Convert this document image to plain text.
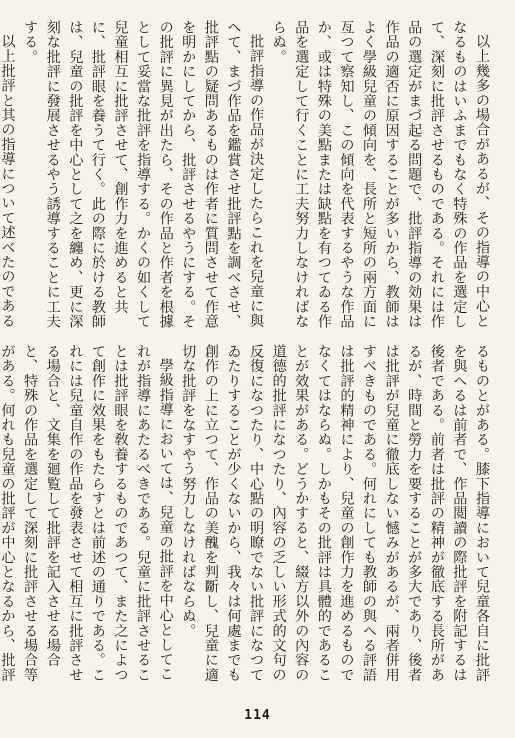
以上幾多の場合があるが、その指導の中心となるものはいふまでもなく特殊の作品を選定して、深刻に批評させるものである。それには作品の選定がまづ起る問題で、批評指導の効果は作品の適否に原因することが多いから、教師はよく學級兒童の傾向を、長所と短所の兩方面に亙つて察知し、この傾向を代表するやうな作品か、或は特殊の美點または缺點を有つてゐる作品を選定して行くことに工夫努力しなければならぬ。

批評指導の作品が決定したらこれを兒童に與へて、まづ作品を鑑賞させ批評點を調べさせ、批評點の疑問あるものは作者に質問させて作意を明かにしてから、批評させるやうにする。その批評に異見が出たら、その作品と作者を根據として妥當な批評を指導する。かくの如くして兒童相互に批評させて、創作力を進めると共に、批評眼を養うて行く。此の際に於ける教師は、兒童の批評を中心として之を纏め、更に深刻な批評に發展させるやう誘導することに工夫する。

以上批評と其の指導について述べたのである

るものとがある。膝下指導において兒童各自に批評を與へるは前者で、作品閲讀の際批評を附記するは後者である。前者は批評の精神が徹底する長所があるが、時間と勞力を要することが多大であり、後者は批評が兒童に徹底しない憾みがあるが、兩者併用すべきものである。何れにしても教師の與へる評語は批評的精神により、兒童の創作力を進めるものでなくてはならぬ。しかもその批評は具體的であることが效果がある。どうかすると、綴方以外の內容の道德的批評になつたり、內容の乏しい形式的文句の反復になつたり、中心點の明瞭でない批評になつてゐたりすることが少くないから、我々は何處までも創作の上に立つて、作品の美醜を判斷し、兒童に適切な批評をなすやう努力しなければならぬ。

學級指導においては、兒童の批評を中心としてこれが指導にあたるべきである。兒童に批評させることは批評眼を敎養するものであつて、また之によつて創作に效果をもたらすとは前述の通りである。これには兒童自作の作品を發表させて相互に批評させる場合と、文集を廻覧して批評を記入させる場合と、特殊の作品を選定して深刻に批評させる場合等がある。何れも兒童の批評が中心となるから、批評

114
